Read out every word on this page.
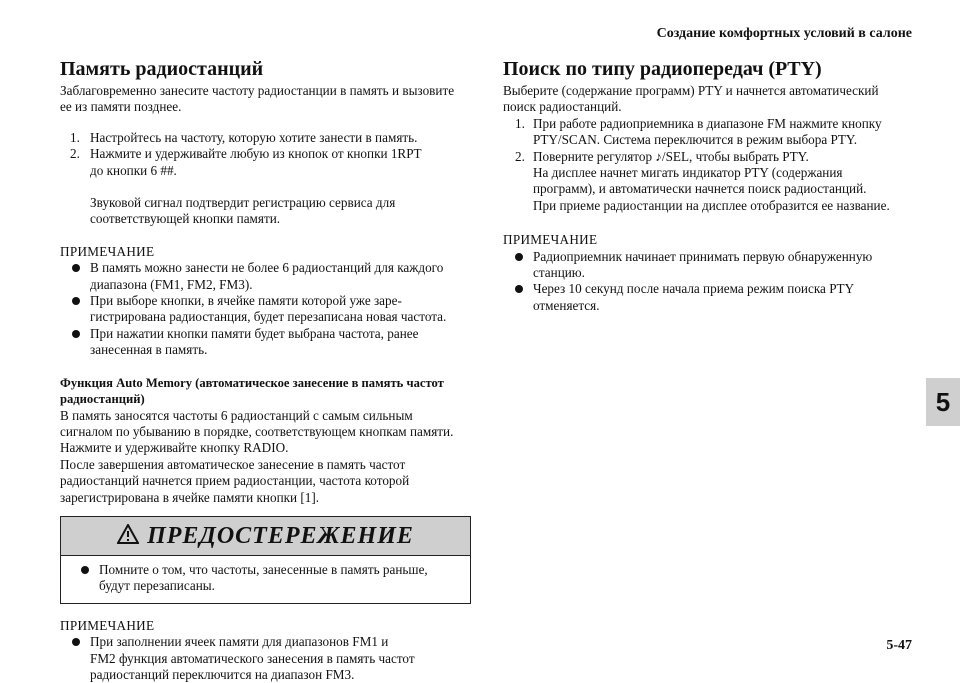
Создание комфортных условий в салоне
5
5-47
Память радиостанций

Заблаговременно занесите частоту радиостанции в память и вызовите
ее из памяти позднее.

1. Настройтесь на частоту, которую хотите занести в память.
2. Нажмите и удерживайте любую из кнопок от кнопки 1RPT
до кнопки 6 ##.

Звуковой сигнал подтвердит регистрацию сервиса для
соответствующей кнопки памяти.

ПРИМЕЧАНИЕ

В память можно занести не более 6 радиостанций для каждого
диапазона (FM1, FM2, FM3).
При выборе кнопки, в ячейке памяти которой уже заре-
гистрирована радиостанция, будет перезаписана новая частота.
При нажатии кнопки памяти будет выбрана частота, ранее
занесенная в память.

Функция Auto Memory (автоматическое занесение в память частот
радиостанций)

В память заносятся частоты 6 радиостанций с самым сильным
сигналом по убыванию в порядке, соответствующем кнопкам памяти.
Нажмите и удерживайте кнопку RADIO.
После завершения автоматическое занесение в память частот
радиостанций начнется прием радиостанции, частота которой
зарегистрирована в ячейке памяти кнопки [1].

ПРЕДОСТЕРЕЖЕНИЕ
Помните о том, что частоты, занесенные в память раньше,
будут перезаписаны.

ПРИМЕЧАНИЕ

При заполнении ячеек памяти для диапазонов FM1 и
FM2 функция автоматического занесения в память частот
радиостанций переключится на диапазон FM3.
Поиск по типу радиопередач (PTY)

Выберите (содержание программ) PTY и начнется автоматический
поиск радиостанций.

1. При работе радиоприемника в диапазоне FM нажмите кнопку
PTY/SCAN. Система переключится в режим выбора PTY.
2. Поверните регулятор ♪/SEL, чтобы выбрать PTY.
На дисплее начнет мигать индикатор PTY (содержания
программ), и автоматически начнется поиск радиостанций.
При приеме радиостанции на дисплее отобразится ее название.

ПРИМЕЧАНИЕ

Радиоприемник начинает принимать первую обнаруженную
станцию.
Через 10 секунд после начала приема режим поиска PTY
отменяется.
